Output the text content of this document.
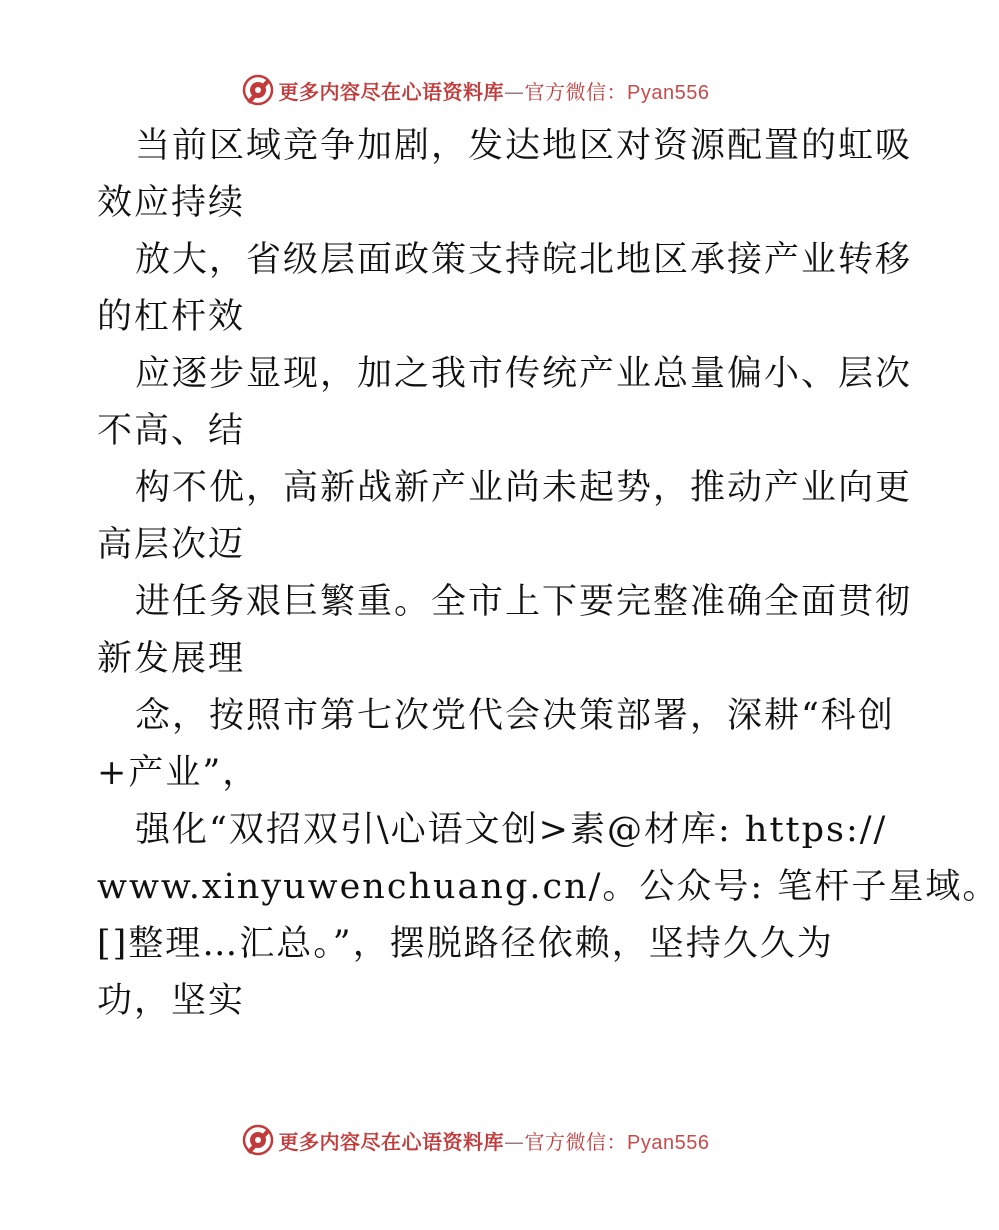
更多内容尽在心语资料库—官方微信：Pyan556
当前区域竞争加剧，发达地区对资源配置的虹吸
效应持续
放大，省级层面政策支持皖北地区承接产业转移
的杠杆效
应逐步显现，加之我市传统产业总量偏小、层次
不高、结
构不优，高新战新产业尚未起势，推动产业向更
高层次迈
进任务艰巨繁重。全市上下要完整准确全面贯彻
新发展理
念，按照市第七次党代会决策部署，深耕“科创
+产业”，
强化“双招双引\心语文创>素@材库: https://
www.xinyuwenchuang.cn/。公众号: 笔杆子星域。
[]整理…汇总。”，摆脱路径依赖，坚持久久为
功，坚实
更多内容尽在心语资料库—官方微信：Pyan556
